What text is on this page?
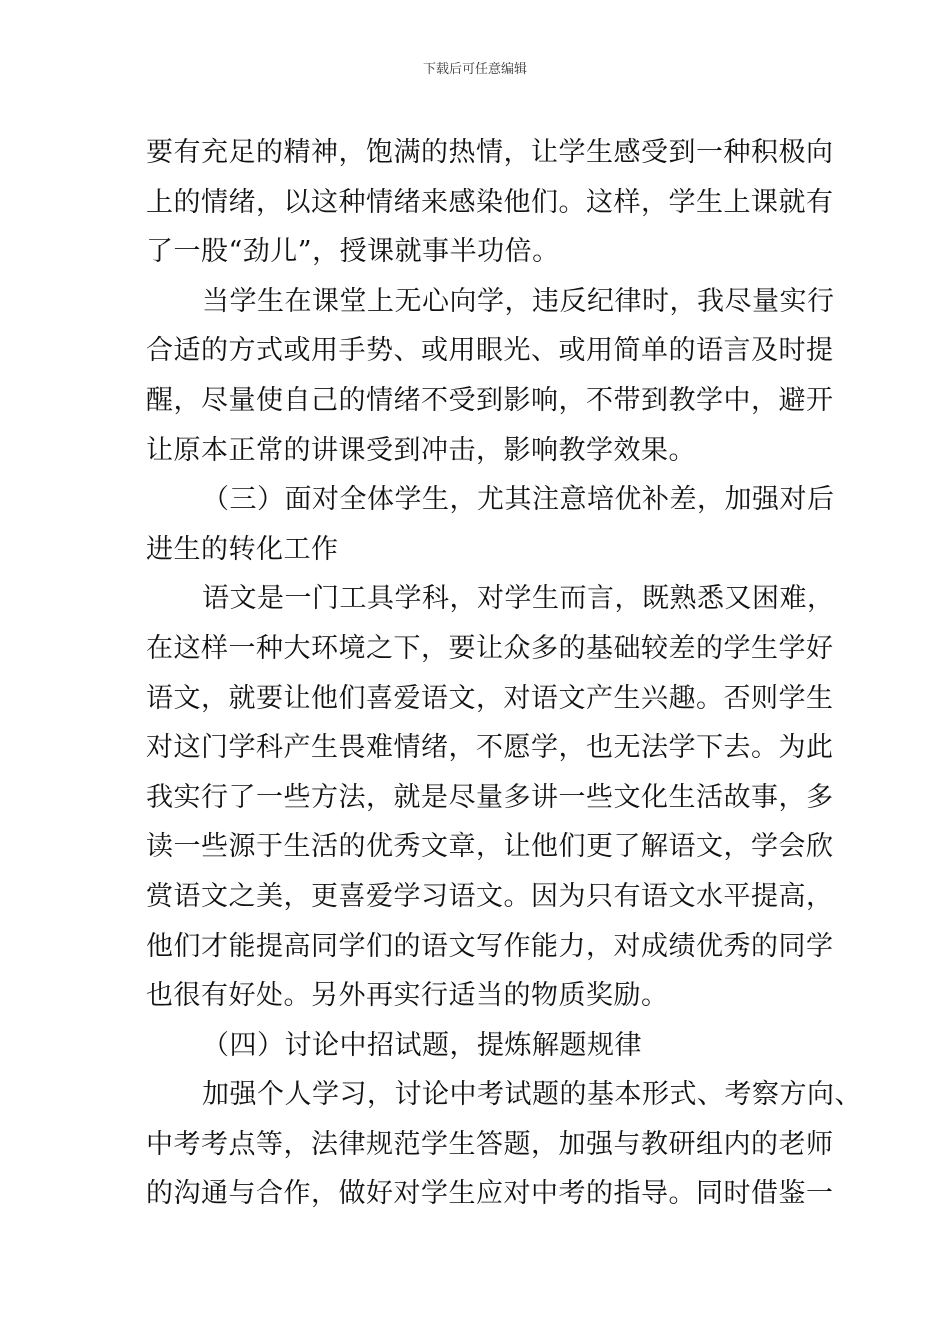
下载后可任意编辑

要有充足的精神，饱满的热情，让学生感受到一种积极向
上的情绪，以这种情绪来感染他们。这样，学生上课就有
了一股“劲儿”，授课就事半功倍。

当学生在课堂上无心向学，违反纪律时，我尽量实行
合适的方式或用手势、或用眼光、或用简单的语言及时提
醒，尽量使自己的情绪不受到影响，不带到教学中，避开
让原本正常的讲课受到冲击，影响教学效果。

（三）面对全体学生，尤其注意培优补差，加强对后
进生的转化工作

语文是一门工具学科，对学生而言，既熟悉又困难，
在这样一种大环境之下，要让众多的基础较差的学生学好
语文，就要让他们喜爱语文，对语文产生兴趣。否则学生
对这门学科产生畏难情绪，不愿学，也无法学下去。为此
我实行了一些方法，就是尽量多讲一些文化生活故事，多
读一些源于生活的优秀文章，让他们更了解语文，学会欣
赏语文之美，更喜爱学习语文。因为只有语文水平提高，
他们才能提高同学们的语文写作能力，对成绩优秀的同学
也很有好处。另外再实行适当的物质奖励。

（四）讨论中招试题，提炼解题规律

加强个人学习，讨论中考试题的基本形式、考察方向、
中考考点等，法律规范学生答题，加强与教研组内的老师
的沟通与合作，做好对学生应对中考的指导。同时借鉴一
